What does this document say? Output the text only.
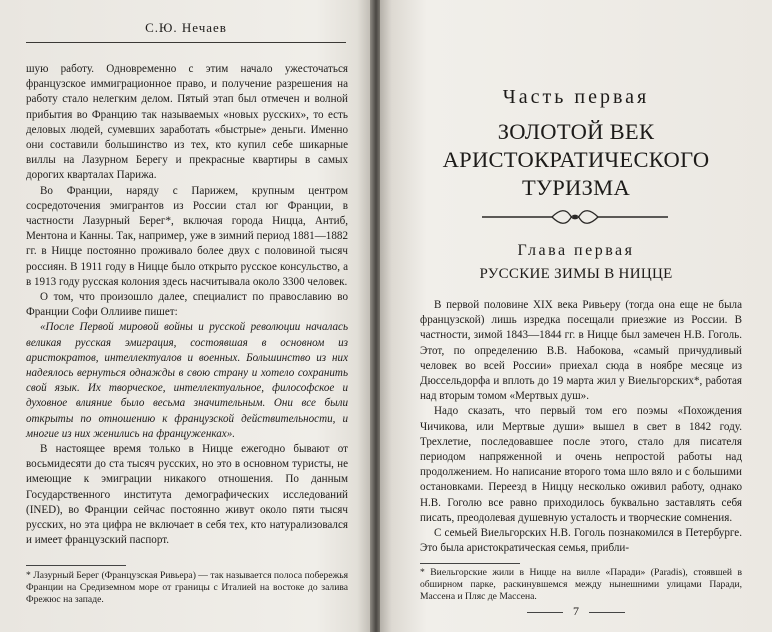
С.Ю. Нечаев

шую работу. Одновременно с этим начало ужесточаться французское иммиграционное право, и получение разрешения на работу стало нелегким делом. Пятый этап был отмечен и волной прибытия во Францию так называемых «новых русских», то есть деловых людей, сумевших заработать «быстрые» деньги. Именно они составили большинство из тех, кто купил себе шикарные виллы на Лазурном Берегу и прекрасные квартиры в самых дорогих кварталах Парижа.

Во Франции, наряду с Парижем, крупным центром сосредоточения эмигрантов из России стал юг Франции, в частности Лазурный Берег*, включая города Ницца, Антиб, Ментона и Канны. Так, например, уже в зимний период 1881—1882 гг. в Ницце постоянно проживало более двух с половиной тысяч россиян. В 1911 году в Ницце было открыто русское консульство, а в 1913 году русская колония здесь насчитывала около 3300 человек.

О том, что произошло далее, специалист по православию во Франции Софи Оллииве пишет:

«После Первой мировой войны и русской революции началась великая русская эмиграция, состоявшая в основном из аристократов, интеллектуалов и военных. Большинство из них надеялось вернуться однажды в свою страну и хотело сохранить свой язык. Их творческое, интеллектуальное, философское и духовное влияние было весьма значительным. Они все были открыты по отношению к французской действительности, и многие из них женились на француженках».

В настоящее время только в Ницце ежегодно бывают от восьмидесяти до ста тысяч русских, но это в основном туристы, не имеющие к эмиграции никакого отношения. По данным Государственного института демографических исследований (INED), во Франции сейчас постоянно живут около пяти тысяч русских, но эта цифра не включает в себя тех, кто натурализовался и имеет французский паспорт.

* Лазурный Берег (Французская Ривьера) — так называется полоса побережья Франции на Средиземном море от границы с Италией на востоке до залива Фрежюс на западе.
Часть первая
ЗОЛОТОЙ ВЕК
АРИСТОКРАТИЧЕСКОГО
ТУРИЗМА
Глава первая
РУССКИЕ ЗИМЫ В НИЦЦЕ

В первой половине XIX века Ривьеру (тогда она еще не была французской) лишь изредка посещали приезжие из России. В частности, зимой 1843—1844 гг. в Ницце был замечен Н.В. Гоголь. Этот, по определению В.В. Набокова, «самый причудливый человек во всей России» приехал сюда в ноябре месяце из Дюссельдорфа и вплоть до 19 марта жил у Виельгорских*, работая над вторым томом «Мертвых душ».

Надо сказать, что первый том его поэмы «Похождения Чичикова, или Мертвые души» вышел в свет в 1842 году. Трехлетие, последовавшее после этого, стало для писателя периодом напряженной и очень непростой работы над продолжением. Но написание второго тома шло вяло и с большими остановками. Переезд в Ниццу несколько оживил работу, однако Н.В. Гоголю все равно приходилось буквально заставлять себя писать, преодолевая душевную усталость и творческие сомнения.

С семьей Виельгорских Н.В. Гоголь познакомился в Петербурге. Это была аристократическая семья, прибли-

* Виельгорские жили в Ницце на вилле «Паради» (Paradis), стоявшей в обширном парке, раскинувшемся между нынешними улицами Паради, Массена и Пляс де Массена.
7
